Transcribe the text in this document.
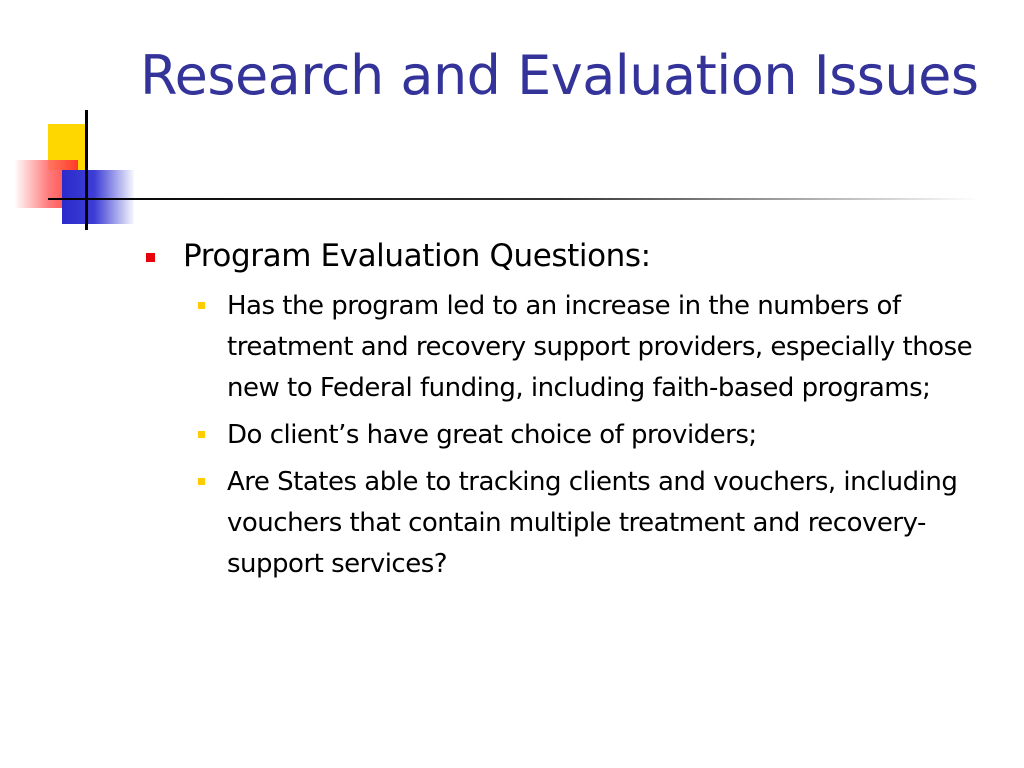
Research and Evaluation Issues
Program Evaluation Questions:
Has the program led to an increase in the numbers of treatment and recovery support providers, especially those new to Federal funding, including faith-based programs;
Do client’s have great choice of providers;
Are States able to tracking clients and vouchers, including vouchers that contain multiple treatment and recovery-support services?
